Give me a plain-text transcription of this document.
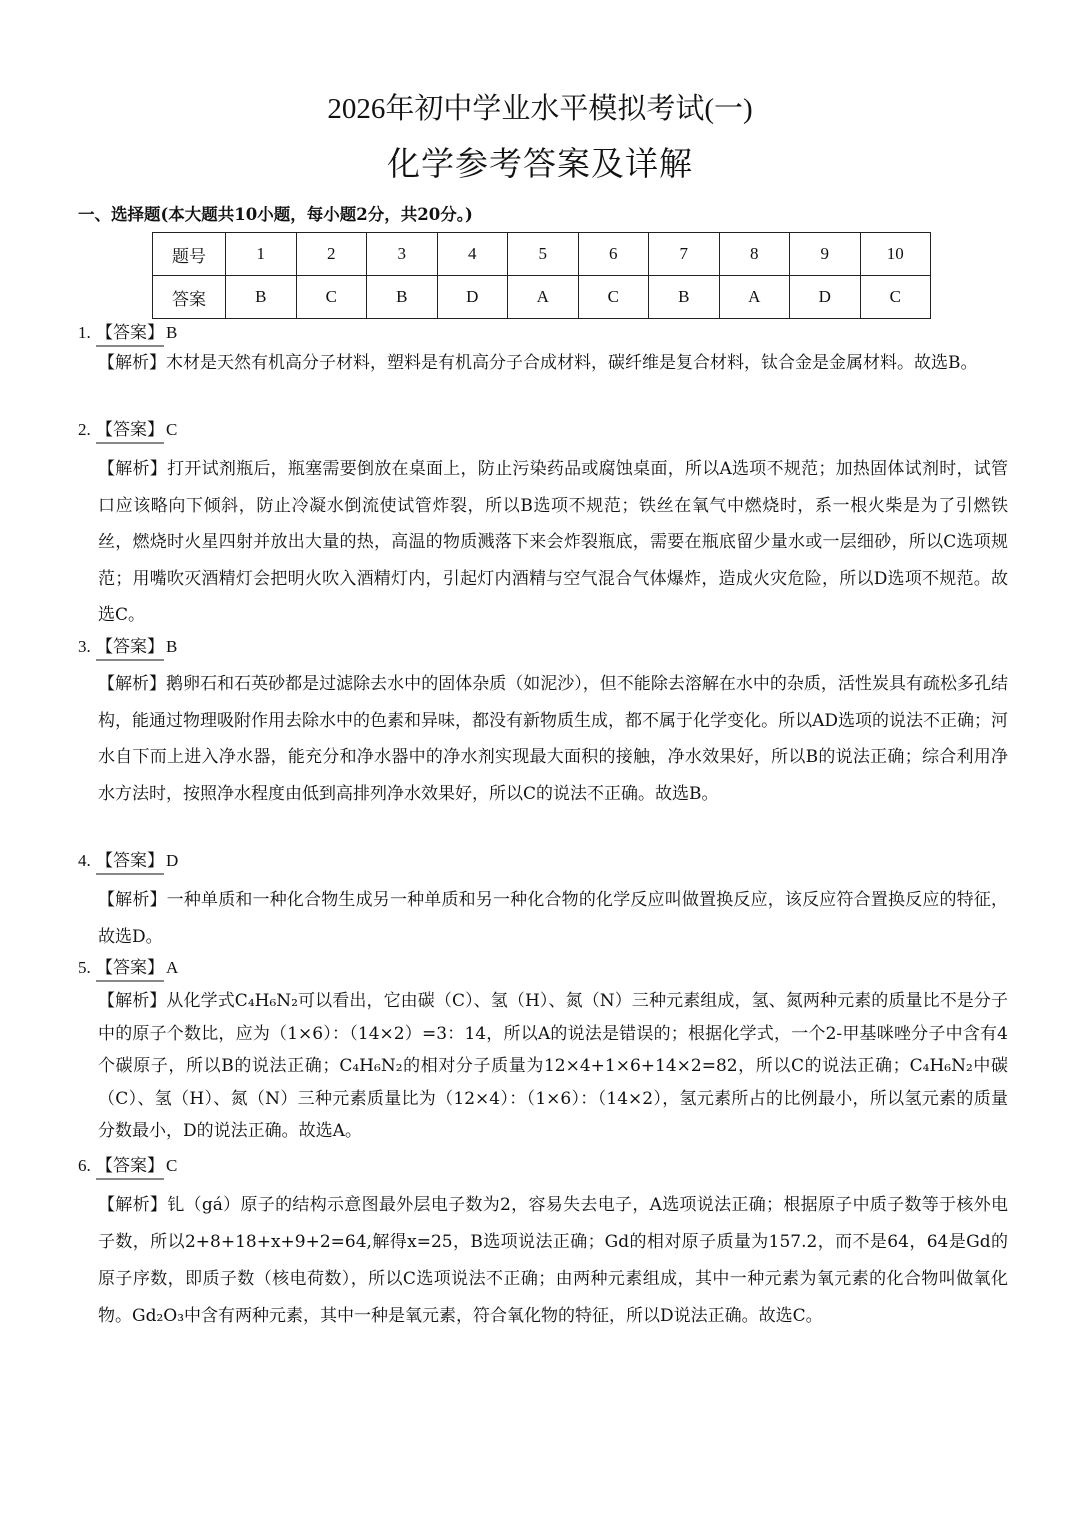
2026年初中学业水平模拟考试(一)
化学参考答案及详解
一、选择题(本大题共10小题，每小题2分，共20分。)
题号	1	2	3	4	5	6	7	8	9	10
答案	B	C	B	D	A	C	B	A	D	C
1. 【答案】 B
【解析】木材是天然有机高分子材料，塑料是有机高分子合成材料，碳纤维是复合材料，钛合金是金属材料。故选B。
2. 【答案】 C
【解析】打开试剂瓶后，瓶塞需要倒放在桌面上，防止污染药品或腐蚀桌面，所以A选项不规范；加热固体试剂时，试管口应该略向下倾斜，防止冷凝水倒流使试管炸裂，所以B选项不规范；铁丝在氧气中燃烧时，系一根火柴是为了引燃铁丝，燃烧时火星四射并放出大量的热，高温的物质溅落下来会炸裂瓶底，需要在瓶底留少量水或一层细砂，所以C选项规范；用嘴吹灭酒精灯会把明火吹入酒精灯内，引起灯内酒精与空气混合气体爆炸，造成火灾危险，所以D选项不规范。故选C。
3. 【答案】 B
【解析】鹅卵石和石英砂都是过滤除去水中的固体杂质（如泥沙），但不能除去溶解在水中的杂质，活性炭具有疏松多孔结构，能通过物理吸附作用去除水中的色素和异味，都没有新物质生成，都不属于化学变化。所以AD选项的说法不正确；河水自下而上进入净水器，能充分和净水器中的净水剂实现最大面积的接触，净水效果好，所以B的说法正确；综合利用净水方法时，按照净水程度由低到高排列净水效果好，所以C的说法不正确。故选B。
4. 【答案】 D
【解析】一种单质和一种化合物生成另一种单质和另一种化合物的化学反应叫做置换反应，该反应符合置换反应的特征，故选D。
5. 【答案】 A
【解析】从化学式C₄H₆N₂可以看出，它由碳（C）、氢（H）、氮（N）三种元素组成，氢、氮两种元素的质量比不是分子中的原子个数比，应为（1×6）：（14×2）=3：14，所以A的说法是错误的；根据化学式，一个2-甲基咪唑分子中含有4个碳原子，所以B的说法正确；C₄H₆N₂的相对分子质量为12×4+1×6+14×2=82，所以C的说法正确；C₄H₆N₂中碳（C）、氢（H）、氮（N）三种元素质量比为（12×4）：（1×6）：（14×2），氢元素所占的比例最小，所以氢元素的质量分数最小，D的说法正确。故选A。
6. 【答案】 C
【解析】钆（gá）原子的结构示意图最外层电子数为2，容易失去电子，A选项说法正确；根据原子中质子数等于核外电子数，所以2+8+18+x+9+2=64,解得x=25，B选项说法正确；Gd的相对原子质量为157.2，而不是64，64是Gd的原子序数，即质子数（核电荷数），所以C选项说法不正确；由两种元素组成，其中一种元素为氧元素的化合物叫做氧化物。Gd₂O₃中含有两种元素，其中一种是氧元素，符合氧化物的特征，所以D说法正确。故选C。
